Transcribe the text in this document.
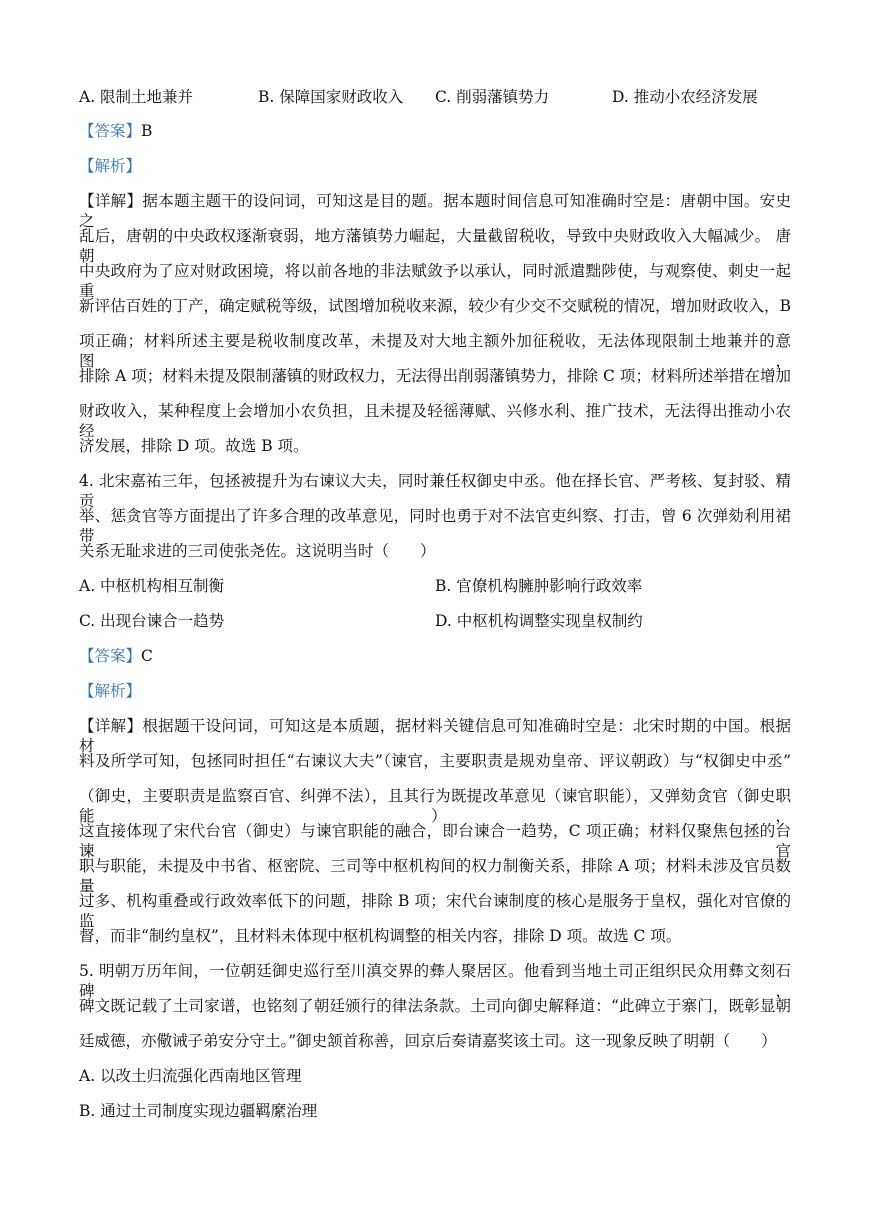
A. 限制土地兼并	B. 保障国家财政收入 C. 削弱藩镇势力	D. 推动小农经济发展
【答案】B
【解析】
【详解】据本题主题干的设问词，可知这是目的题。据本题时间信息可知准确时空是：唐朝中国。安史之
乱后，唐朝的中央政权逐渐衰弱，地方藩镇势力崛起，大量截留税收，导致中央财政收入大幅减少。 唐朝
中央政府为了应对财政困境，将以前各地的非法赋敛予以承认，同时派遣黜陟使，与观察使、刺史一起重
新评估百姓的丁产，确定赋税等级，试图增加税收来源，较少有少交不交赋税的情况，增加财政收入，B
项正确；材料所述主要是税收制度改革，未提及对大地主额外加征税收，无法体现限制土地兼并的意图，
排除 A 项；材料未提及限制藩镇的财政权力，无法得出削弱藩镇势力，排除 C 项；材料所述举措在增加
财政收入，某种程度上会增加小农负担，且未提及轻徭薄赋、兴修水利、推广技术，无法得出推动小农经
济发展，排除 D 项。故选 B 项。
4. 北宋嘉祐三年，包拯被提升为右谏议大夫，同时兼任权御史中丞。他在择长官、严考核、复封驳、精贡
举、惩贪官等方面提出了许多合理的改革意见，同时也勇于对不法官吏纠察、打击，曾 6 次弹劾利用裙带
关系无耻求进的三司使张尧佐。这说明当时（　　）
A. 中枢机构相互制衡	B. 官僚机构臃肿影响行政效率
C. 出现台谏合一趋势	D. 中枢机构调整实现皇权制约
【答案】C
【解析】
【详解】根据题干设问词，可知这是本质题，据材料关键信息可知准确时空是：北宋时期的中国。根据材
料及所学可知，包拯同时担任“右谏议大夫”（谏官，主要职责是规劝皇帝、评议朝政）与“权御史中丞”
（御史，主要职责是监察百官、纠弹不法），且其行为既提改革意见（谏官职能），又弹劾贪官（御史职能），
这直接体现了宋代台官（御史）与谏官职能的融合，即台谏合一趋势，C 项正确；材料仅聚焦包拯的台谏官
职与职能，未提及中书省、枢密院、三司等中枢机构间的权力制衡关系，排除 A 项；材料未涉及官员数量
过多、机构重叠或行政效率低下的问题，排除 B 项；宋代台谏制度的核心是服务于皇权，强化对官僚的监
督，而非“制约皇权”，且材料未体现中枢机构调整的相关内容，排除 D 项。故选 C 项。
5. 明朝万历年间，一位朝廷御史巡行至川滇交界的彝人聚居区。他看到当地土司正组织民众用彝文刻石碑，
碑文既记载了土司家谱，也铭刻了朝廷颁行的律法条款。土司向御史解释道：“此碑立于寨门，既彰显朝
廷威德，亦儆诫子弟安分守土。”御史颔首称善，回京后奏请嘉奖该土司。这一现象反映了明朝（　　）
A. 以改土归流强化西南地区管理
B. 通过土司制度实现边疆羁縻治理
